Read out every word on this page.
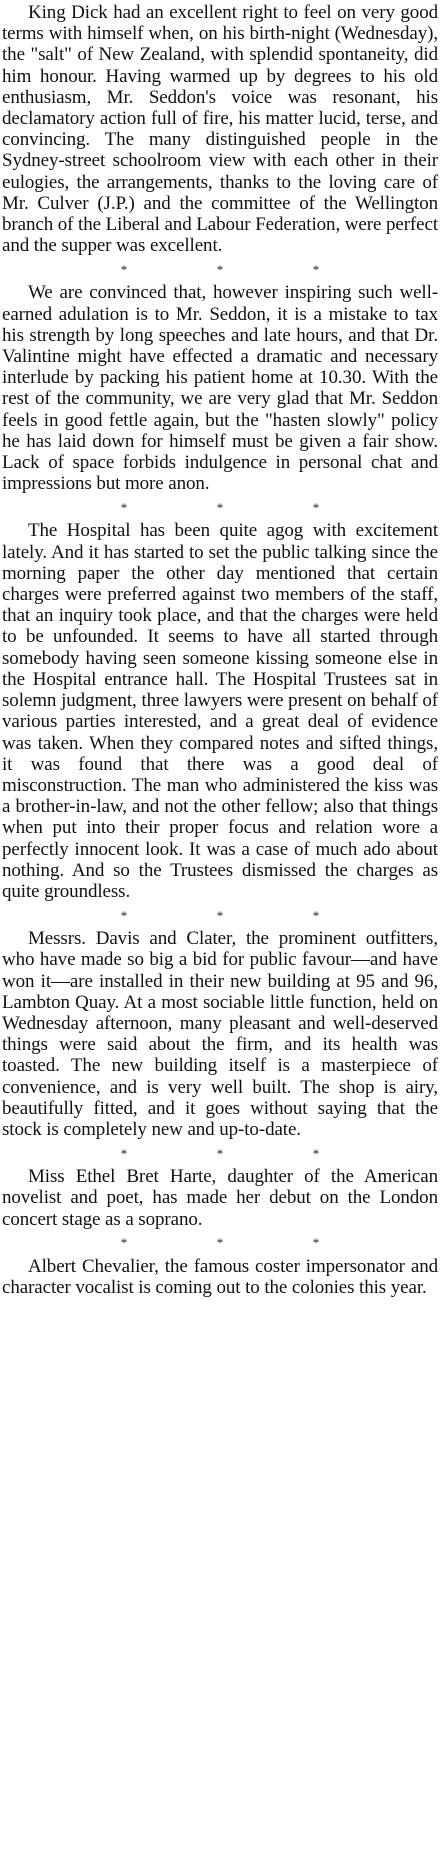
King Dick had an excellent right to feel on very good terms with himself when, on his birth-night (Wednesday), the "salt" of New Zealand, with splendid spontaneity, did him honour. Having warmed up by degrees to his old enthusiasm, Mr. Seddon's voice was resonant, his declamatory action full of fire, his matter lucid, terse, and convincing. The many distinguished people in the Sydney-street schoolroom view with each other in their eulogies, the arrangements, thanks to the loving care of Mr. Culver (J.P.) and the committee of the Wellington branch of the Liberal and Labour Federation, were perfect and the supper was excellent.

*	*	*

We are convinced that, however inspiring such well-earned adulation is to Mr. Seddon, it is a mistake to tax his strength by long speeches and late hours, and that Dr. Valintine might have effected a dramatic and necessary interlude by packing his patient home at 10.30. With the rest of the community, we are very glad that Mr. Seddon feels in good fettle again, but the "hasten slowly" policy he has laid down for himself must be given a fair show. Lack of space forbids indulgence in personal chat and impressions but more anon.

*	*	*

The Hospital has been quite agog with excitement lately. And it has started to set the public talking since the morning paper the other day mentioned that certain charges were preferred against two members of the staff, that an inquiry took place, and that the charges were held to be unfounded. It seems to have all started through somebody having seen someone kissing someone else in the Hospital entrance hall. The Hospital Trustees sat in solemn judgment, three lawyers were present on behalf of various parties interested, and a great deal of evidence was taken. When they compared notes and sifted things, it was found that there was a good deal of misconstruction. The man who administered the kiss was a brother-in-law, and not the other fellow; also that things when put into their proper focus and relation wore a perfectly innocent look. It was a case of much ado about nothing. And so the Trustees dismissed the charges as quite groundless.

*	*	*

Messrs. Davis and Clater, the prominent outfitters, who have made so big a bid for public favour—and have won it—are installed in their new building at 95 and 96, Lambton Quay. At a most sociable little function, held on Wednesday afternoon, many pleasant and well-deserved things were said about the firm, and its health was toasted. The new building itself is a masterpiece of convenience, and is very well built. The shop is airy, beautifully fitted, and it goes without saying that the stock is completely new and up-to-date.

*	*	*

Miss Ethel Bret Harte, daughter of the American novelist and poet, has made her debut on the London concert stage as a soprano.

*	*	*

Albert Chevalier, the famous coster impersonator and character vocalist is coming out to the colonies this year.
